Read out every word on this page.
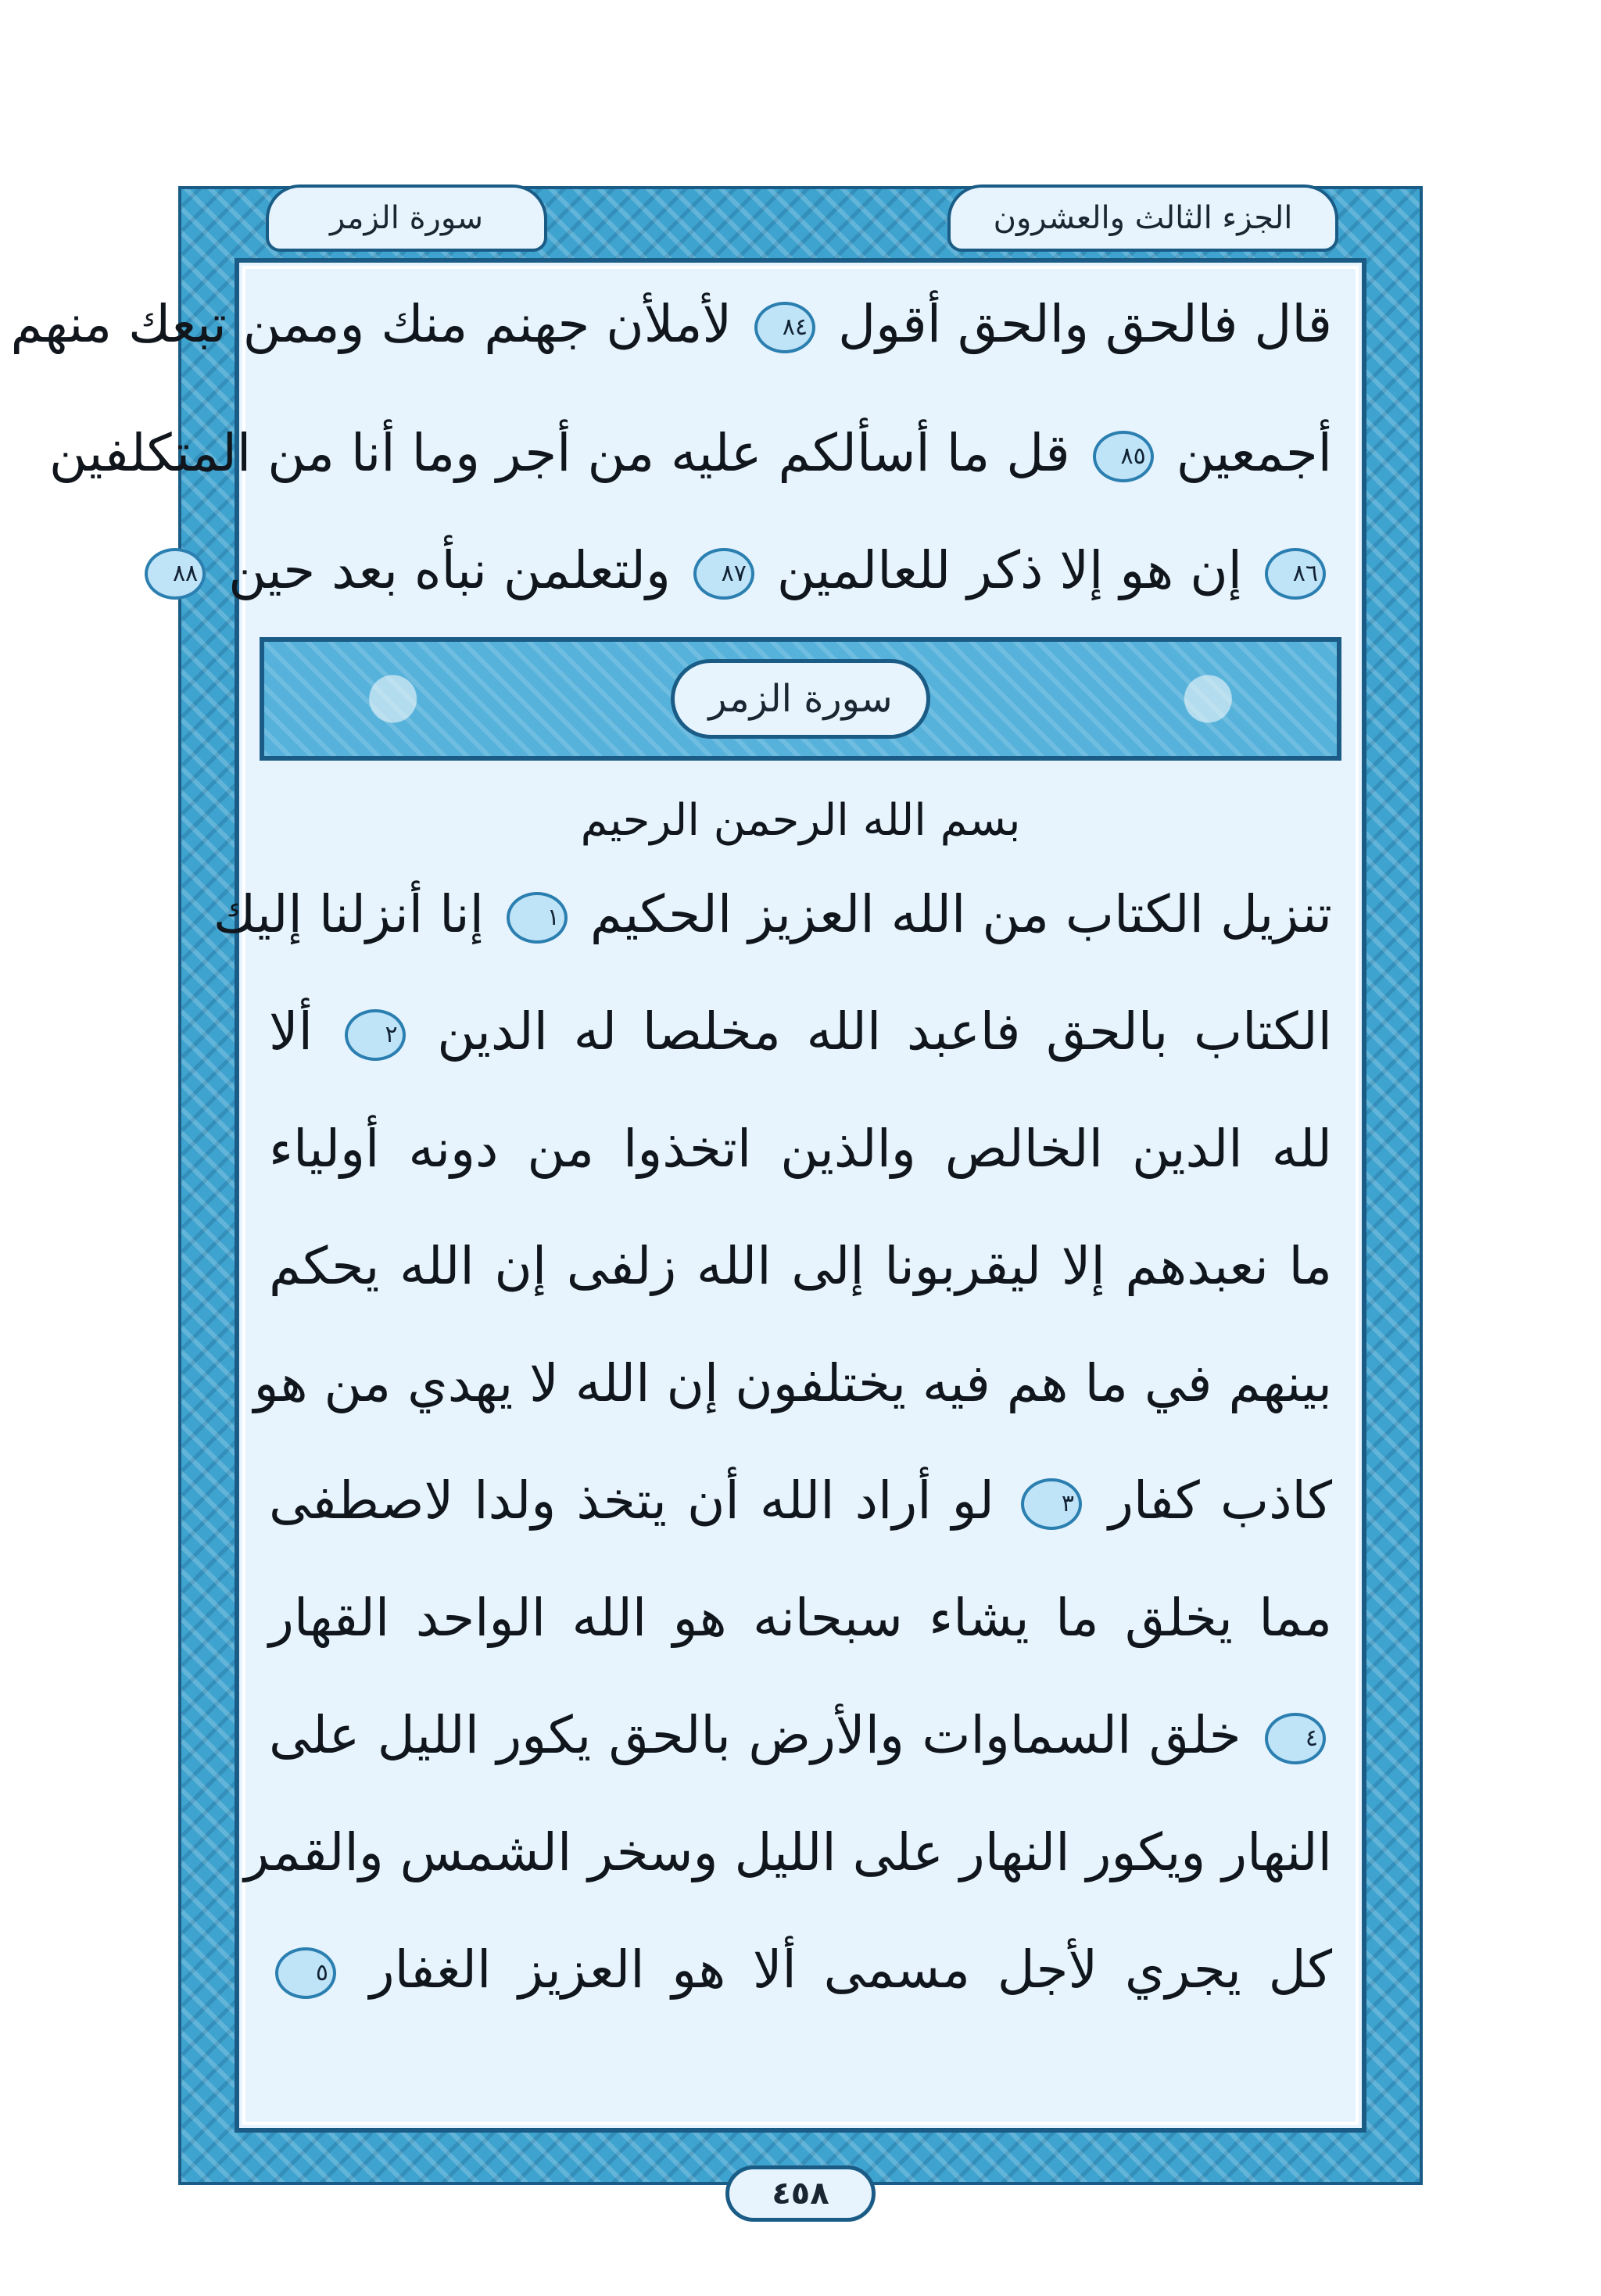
الجزء الثالث والعشرون
سورة الزمر
قال فالحق والحق أقول ٨٤ لأملأن جهنم منك وممن تبعك منهم
أجمعين ٨٥ قل ما أسألكم عليه من أجر وما أنا من المتكلفين
٨٦ إن هو إلا ذكر للعالمين ٨٧ ولتعلمن نبأه بعد حين ٨٨
سورة الزمر
بسم الله الرحمن الرحيم
تنزيل الكتاب من الله العزيز الحكيم ١ إنا أنزلنا إليك
الكتاب بالحق فاعبد الله مخلصا له الدين ٢ ألا
لله الدين الخالص والذين اتخذوا من دونه أولياء
ما نعبدهم إلا ليقربونا إلى الله زلفى إن الله يحكم
بينهم في ما هم فيه يختلفون إن الله لا يهدي من هو
كاذب كفار ٣ لو أراد الله أن يتخذ ولدا لاصطفى
مما يخلق ما يشاء سبحانه هو الله الواحد القهار
٤ خلق السماوات والأرض بالحق يكور الليل على
النهار ويكور النهار على الليل وسخر الشمس والقمر
كل يجري لأجل مسمى ألا هو العزيز الغفار ٥
٤٥٨
